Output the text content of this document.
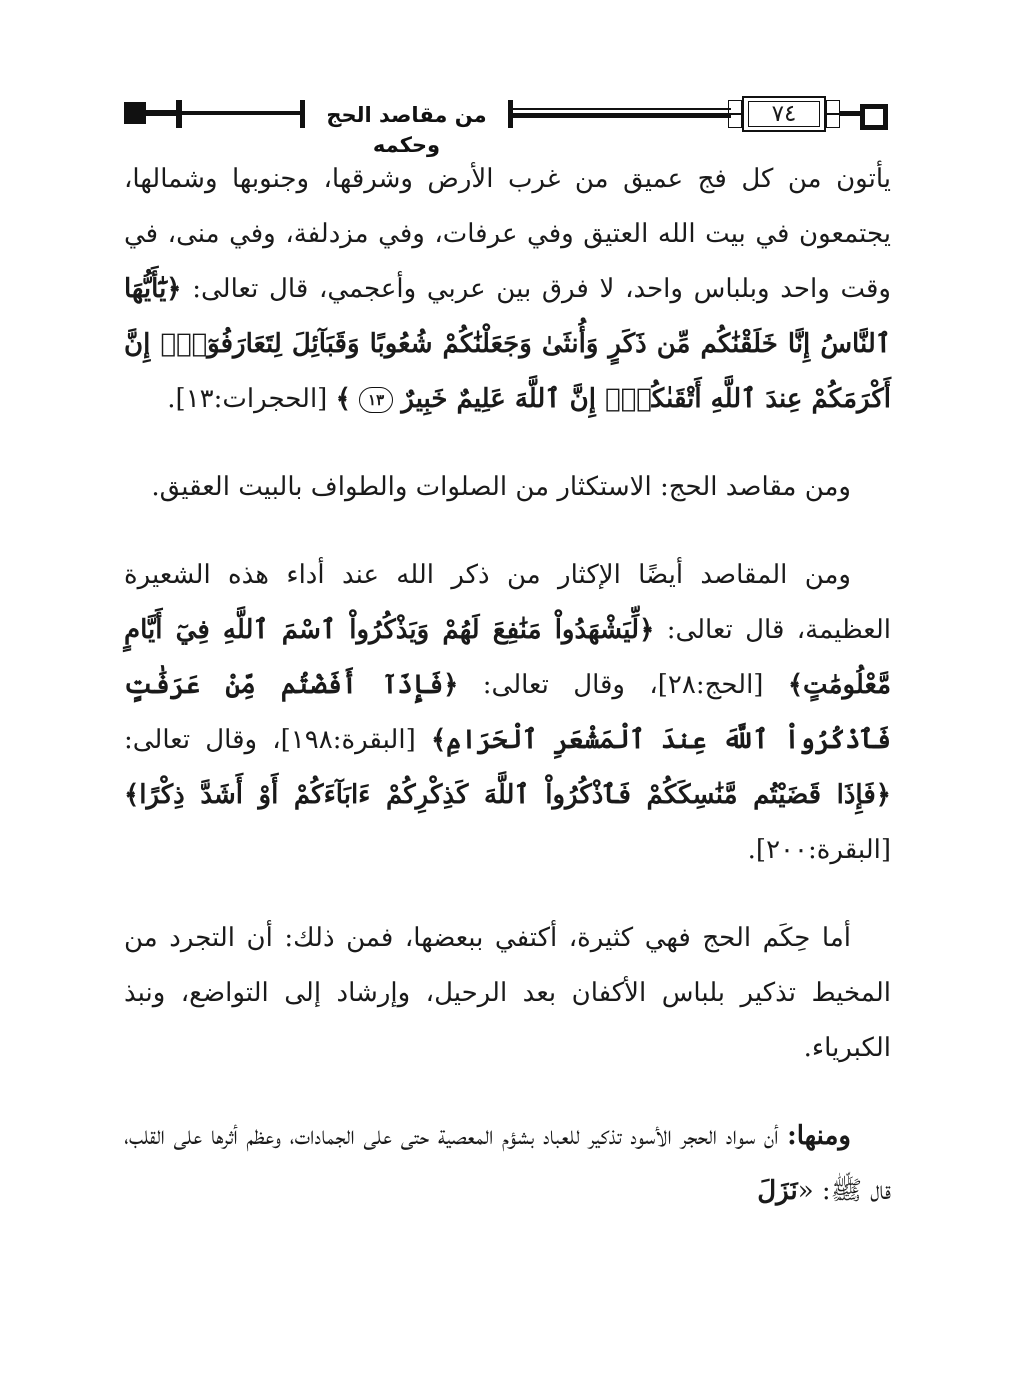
من مقاصد الحج وحكمه
٧٤

يأتون من كل فج عميق من غرب الأرض وشرقها، وجنوبها وشمالها، يجتمعون في بيت الله العتيق وفي عرفات، وفي مزدلفة، وفي منى، في وقت واحد وبلباس واحد، لا فرق بين عربي وأعجمي، قال تعالى: ﴿يَٰٓأَيُّهَا ٱلنَّاسُ إِنَّا خَلَقْنَٰكُم مِّن ذَكَرٍ وَأُنثَىٰ وَجَعَلْنَٰكُمْ شُعُوبًا وَقَبَآئِلَ لِتَعَارَفُوٓاْۚ إِنَّ أَكْرَمَكُمْ عِندَ ٱللَّهِ أَتْقَىٰكُمْۚ إِنَّ ٱللَّهَ عَلِيمٌ خَبِيرٌ ١٣ ﴾ [الحجرات:١٣].

ومن مقاصد الحج: الاستكثار من الصلوات والطواف بالبيت العقيق.

ومن المقاصد أيضًا الإكثار من ذكر الله عند أداء هذه الشعيرة العظيمة، قال تعالى: ﴿لِّيَشْهَدُواْ مَنَٰفِعَ لَهُمْ وَيَذْكُرُواْ ٱسْمَ ٱللَّهِ فِيٓ أَيَّامٍ مَّعْلُومَٰتٍ﴾ [الحج:٢٨]، وقال تعالى: ﴿فَإِذَآ أَفَضْتُم مِّنْ عَرَفَٰتٍ فَٱذْكُرُواْ ٱللَّهَ عِندَ ٱلْمَشْعَرِ ٱلْحَرَامِ﴾ [البقرة:١٩٨]، وقال تعالى: ﴿فَإِذَا قَضَيْتُم مَّنَٰسِكَكُمْ فَٱذْكُرُواْ ٱللَّهَ كَذِكْرِكُمْ ءَابَآءَكُمْ أَوْ أَشَدَّ ذِكْرًا﴾ [البقرة:٢٠٠].

أما حِكَم الحج فهي كثيرة، أكتفي ببعضها، فمن ذلك: أن التجرد من المخيط تذكير بلباس الأكفان بعد الرحيل، وإرشاد إلى التواضع، ونبذ الكبرياء.

ومنها: أن سواد الحجر الأسود تذكير للعباد بشؤم المعصية حتى على الجمادات، وعظم أثرها على القلب، قال ﷺ: «نَزَلَ
